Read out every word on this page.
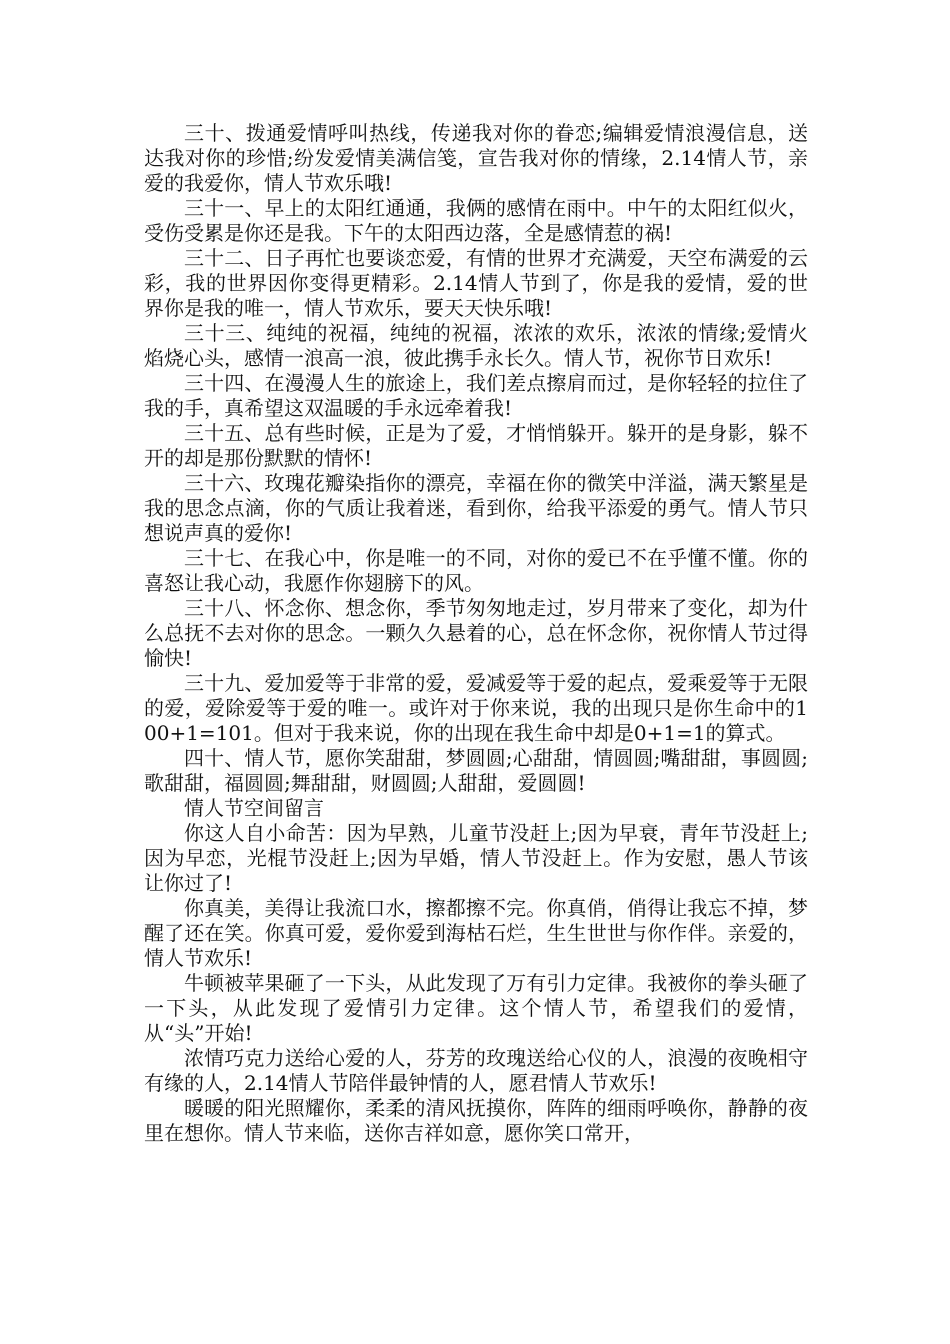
三十、拨通爱情呼叫热线，传递我对你的眷恋;编辑爱情浪漫信息，送达我对你的珍惜;纷发爱情美满信笺，宣告我对你的情缘，2.14情人节，亲爱的我爱你，情人节欢乐哦!

三十一、早上的太阳红通通，我俩的感情在雨中。中午的太阳红似火，受伤受累是你还是我。下午的太阳西边落，全是感情惹的祸!

三十二、日子再忙也要谈恋爱，有情的世界才充满爱，天空布满爱的云彩，我的世界因你变得更精彩。2.14情人节到了，你是我的爱情，爱的世界你是我的唯一，情人节欢乐，要天天快乐哦!

三十三、纯纯的祝福，纯纯的祝福，浓浓的欢乐，浓浓的情缘;爱情火焰烧心头，感情一浪高一浪，彼此携手永长久。情人节，祝你节日欢乐!

三十四、在漫漫人生的旅途上，我们差点擦肩而过，是你轻轻的拉住了我的手，真希望这双温暖的手永远牵着我!

三十五、总有些时候，正是为了爱，才悄悄躲开。躲开的是身影，躲不开的却是那份默默的情怀!

三十六、玫瑰花瓣染指你的漂亮，幸福在你的微笑中洋溢，满天繁星是我的思念点滴，你的气质让我着迷，看到你，给我平添爱的勇气。情人节只想说声真的爱你!

三十七、在我心中，你是唯一的不同，对你的爱已不在乎懂不懂。你的喜怒让我心动，我愿作你翅膀下的风。

三十八、怀念你、想念你，季节匆匆地走过，岁月带来了变化，却为什么总抚不去对你的思念。一颗久久悬着的心，总在怀念你，祝你情人节过得愉快!

三十九、爱加爱等于非常的爱，爱减爱等于爱的起点，爱乘爱等于无限的爱，爱除爱等于爱的唯一。或许对于你来说，我的出现只是你生命中的100+1=101。但对于我来说，你的出现在我生命中却是0+1=1的算式。

四十、情人节，愿你笑甜甜，梦圆圆;心甜甜，情圆圆;嘴甜甜，事圆圆;歌甜甜，福圆圆;舞甜甜，财圆圆;人甜甜，爱圆圆!

情人节空间留言

你这人自小命苦：因为早熟，儿童节没赶上;因为早衰，青年节没赶上;因为早恋，光棍节没赶上;因为早婚，情人节没赶上。作为安慰，愚人节该让你过了!

你真美，美得让我流口水，擦都擦不完。你真俏，俏得让我忘不掉，梦醒了还在笑。你真可爱，爱你爱到海枯石烂，生生世世与你作伴。亲爱的，情人节欢乐!

牛顿被苹果砸了一下头，从此发现了万有引力定律。我被你的拳头砸了一下头，从此发现了爱情引力定律。这个情人节，希望我们的爱情，从“头”开始!

浓情巧克力送给心爱的人，芬芳的玫瑰送给心仪的人，浪漫的夜晚相守有缘的人，2.14情人节陪伴最钟情的人，愿君情人节欢乐!

暖暖的阳光照耀你，柔柔的清风抚摸你，阵阵的细雨呼唤你，静静的夜里在想你。情人节来临，送你吉祥如意，愿你笑口常开，
